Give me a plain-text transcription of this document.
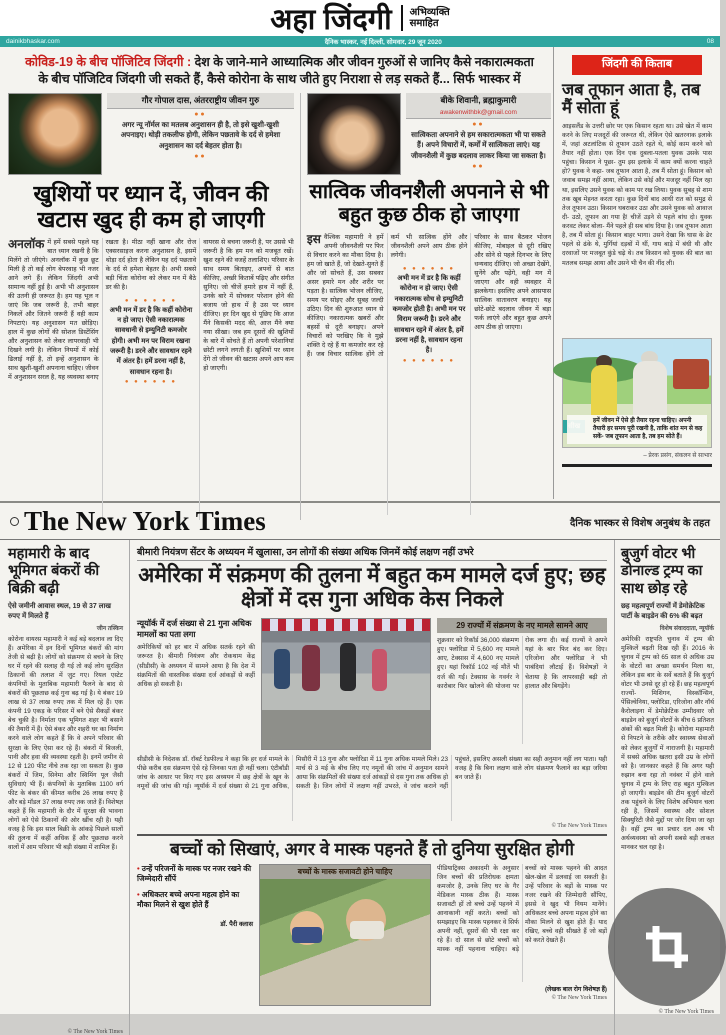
अहा जिंदगी अभिव्यक्ति
समाहित
dainikbhaskar.com	दैनिक भास्कर, नई दिल्ली, सोमवार, 29 जून 2020	08
कोविड-19 के बीच पॉजिटिव जिंदगी : देश के जाने-माने आध्यात्मिक और जीवन गुरुओं से जानिए कैसे नकारात्मकता के बीच पॉजिटिव जिंदगी जी सकते हैं, कैसे कोरोना के साथ जीते हुए निराशा से लड़ सकते हैं... सिर्फ भास्कर में
गौर गोपाल दास, अंतरराष्ट्रीय जीवन गुरु
●●
अगर न्यू नॉर्मल का मतलब अनुशासन ही है, तो इसे खुशी-खुशी अपनाइए। थोड़ी तकलीफ होगी, लेकिन पछतावे के दर्द से हमेशा अनुशासन का दर्द बेहतर होता है।
●●
खुशियों पर ध्यान दें, जीवन की खटास खुद ही कम हो जाएगी
अनलॉक में हमें सबसे पहले यह बात ध्यान रखनी है कि मिलेंगे तो जीएंगे। अनलॉक में कुछ छूट मिली है तो कई लोग बेपरवाह भी नजर आने लगे हैं। लेकिन जिंदगी अभी सामान्य नहीं हुई है। अभी भी अनुशासन की उतनी ही जरूरत है। हम यह भूल न जाएं कि जब जरूरी है, तभी बाहर निकलें और जितने जरूरी हैं वही काम निपटाएं। यह अनुशासन मत छोड़िए। हाल में कुछ लोगों की सोशल डिस्टेंसिंग और अनुशासन को लेकर लापरवाही भी दिखने लगी है। लेकिन नियमों में कोई ढिलाई नहीं है, तो इन्हें अनुशासन के साथ खुशी-खुशी अपनाना चाहिए। जीवन में अनुशासन सरल है, यह व्यवस्था बनाए रखता है। मीठा नहीं खाना और रोज एक्सरसाइज करना अनुशासन है, इसमें थोड़ा दर्द होता है लेकिन यह दर्द पछतावे के दर्द से हमेशा बेहतर है। अभी सबसे बड़ी चिंता कोरोना को लेकर मन में बैठे डर की है।
● ● ● ● ● ●
अभी मन में डर है कि कहीं कोरोना न हो जाए। ऐसी नकारात्मक सावधानी से इम्युनिटी कमजोर होगी। अभी मन पर विराम रखना जरूरी है। डरने और सावधान रहने में अंतर है। हमें डरना नहीं है, सावधान रहना है।
● ● ● ● ● ●
वायरस से बचना जरूरी है, पर उससे भी जरूरी है कि हम मन को मजबूत रखें। खुश रहने की वजहें तलाशिए। परिवार के साथ समय बिताइए, अपनों से बात कीजिए, अच्छी किताबें पढ़िए और संगीत सुनिए। जो चीजें हमारे हाथ में नहीं हैं, उनके बारे में सोचकर परेशान होने की बजाय जो हाथ में है उस पर ध्यान दीजिए। हर दिन खुद से पूछिए कि आज मैंने किसकी मदद की, आज मैंने क्या नया सीखा। जब हम दूसरों की खुशियों के बारे में सोचते हैं तो अपनी परेशानियां छोटी लगने लगती हैं। खुशियों पर ध्यान देंगे तो जीवन की खटास अपने आप कम हो जाएगी।
बीके शिवानी, ब्रह्माकुमारी awakenwithbk@gmail.com
●●
सात्विकता अपनाने से हम सकारात्मकता भी पा सकते हैं। अपने विचारों में, कर्मों में सात्विकता लाएं। यह जीवनशैली में कुछ बदलाव लाकर किया जा सकता है।
●●
सात्विक जीवनशैली अपनाने से भी बहुत कुछ ठीक हो जाएगा
इस वैश्विक महामारी ने हमें अपनी जीवनशैली पर फिर से विचार करने का मौका दिया है। हम जो खाते हैं, जो देखते-सुनते हैं और जो सोचते हैं, उस सबका असर हमारे मन और शरीर पर पड़ता है। सात्विक भोजन लीजिए, समय पर सोइए और सुबह जल्दी उठिए। दिन की शुरुआत ध्यान से कीजिए। नकारात्मक खबरों और बहसों से दूरी बनाइए। अपने विचारों को परखिए कि वे मुझे शक्ति दे रहे हैं या कमजोर कर रहे हैं। जब विचार सात्विक होंगे तो कर्म भी सात्विक होंगे और जीवनशैली अपने आप ठीक होने लगेगी।
● ● ● ● ● ●
अभी मन में डर है कि कहीं कोरोना न हो जाए। ऐसी नकारात्मक सोच से इम्युनिटी कमजोर होती है। अभी मन पर विराम जरूरी है। डरने और सावधान रहने में अंतर है, हमें डरना नहीं है, सावधान रहना है।
● ● ● ● ● ●
परिवार के साथ बैठकर भोजन कीजिए, मोबाइल से दूरी रखिए और सोने से पहले दिनभर के लिए धन्यवाद दीजिए। जो अच्छा देखेंगे, सुनेंगे और पढ़ेंगे, वही मन में जाएगा और वही व्यवहार में झलकेगा। इसलिए अपने आसपास सात्विक वातावरण बनाइए। यह छोटे-छोटे बदलाव जीवन में बड़ा फर्क लाएंगे और बहुत कुछ अपने आप ठीक हो जाएगा।
जिंदगी की किताब
जब तूफान आता है, तब मैं सोता हूं
आइसलैंड के उत्तरी छोर पर एक किसान रहता था। उसे खेत में काम करने के लिए मजदूरों की जरूरत थी, लेकिन ऐसे खतरनाक इलाके में, जहां अटलांटिक से तूफान उठते रहते थे, कोई काम करने को तैयार नहीं होता। एक दिन एक दुबला-पतला युवक उसके पास पहुंचा। किसान ने पूछा- तुम इस इलाके में काम क्यों करना चाहते हो? युवक ने कहा- जब तूफान आता है, तब मैं सोता हूं। किसान को जवाब समझ नहीं आया, लेकिन उसे कोई और मजदूर नहीं मिल रहा था, इसलिए उसने युवक को काम पर रख लिया। युवक सुबह से शाम तक खूब मेहनत करता रहा। कुछ दिनों बाद आधी रात को समुद्र से तेज तूफान उठा। किसान घबराकर उठा और उसने युवक को आवाज दी- उठो, तूफान आ गया है! चीजें उड़ने से पहले बांध दो। युवक करवट लेकर बोला- मैंने पहले ही सब बांध दिया है। जब तूफान आता है, तब मैं सोता हूं। किसान बाहर भागा। उसने देखा कि घास के ढेर पहले से ढंके थे, मुर्गियां दड़बों में थीं, गाय बाड़े में बंधी थी और दरवाजों पर मजबूत कुंडे चढ़े थे। तब किसान को युवक की बात का मतलब समझ आया और उसने भी चैन की नींद ली।
हमें जीवन में ऐसे ही तैयार रहना चाहिए। अपनी तैयारी हर समय पूरी रखनी है, ताकि शांत मन से कह सकें- जब तूफान आता है, तब हम सोते हैं।
– प्रेरक प्रसंग, संकलन से साभार
The New York Times	दैनिक भास्कर से विशेष अनुबंध के तहत
महामारी के बाद भूमिगत बंकरों की बिक्री बढ़ी
ऐसे जमीनी आवास स्थल, 19 से 37 लाख रुपए में मिलते हैं
जीन तस्किन
कोरोना वायरस महामारी ने कई बड़े बदलाव ला दिए हैं। अमेरिका में इन दिनों भूमिगत बंकरों की मांग तेजी से बढ़ी है। लोगों को संक्रमण से बचने के लिए घर में रहने की सलाह दी गई तो कई लोग सुरक्षित ठिकानों की तलाश में जुट गए। रियल एस्टेट कंपनियों के मुताबिक महामारी फैलने के बाद से बंकरों की पूछताछ कई गुना बढ़ गई है। ये बंकर 19 लाख से 37 लाख रुपए तक में मिल रहे हैं। एक कंपनी 19 एकड़ के परिसर में बने ऐसे सैकड़ों बंकर बेच चुकी है। निर्माता एक भूमिगत शहर भी बसाने की तैयारी में हैं। ऐसे बंकर और शहरी घर का निर्माण करने वाले लोग कहते हैं कि वे अपने परिवार की सुरक्षा के लिए ऐसा कर रहे हैं। बंकरों में बिजली, पानी और हवा की व्यवस्था रहती है। इनमें जमीन से 12 से 120 फीट नीचे तक रहा जा सकता है। कुछ बंकरों में जिम, सिनेमा और स्विमिंग पूल जैसी सुविधाएं भी हैं। कंपनियों के मुताबिक 1100 वर्ग फीट के बंकर की कीमत करीब 26 लाख रुपए है और बड़े मॉडल 37 लाख रुपए तक जाते हैं। विशेषज्ञ कहते हैं कि महामारी के दौर में सुरक्षा की भावना लोगों को ऐसे ठिकानों की ओर खींच रही है। यही वजह है कि इस साल बिक्री के आंकड़े पिछले सालों की तुलना में कहीं अधिक हैं और पूछताछ करने वालों में आम परिवार भी बड़ी संख्या में शामिल हैं।
© The New York Times
बीमारी नियंत्रण सेंटर के अध्ययन में खुलासा, उन लोगों की संख्या अधिक जिनमें कोई लक्षण नहीं उभरे
अमेरिका में संक्रमण की तुलना में बहुत कम मामले दर्ज हुए; छह क्षेत्रों में दस गुना अधिक केस निकले
न्यूयॉर्क में दर्ज संख्या से 21 गुना अधिक मामलों का पता लगा
अमेरिकियों को हर बार में अधिक सतर्क रहने की जरूरत है। बीमारी नियंत्रण और रोकथाम केंद्र (सीडीसी) के अध्ययन में सामने आया है कि देश में संक्रमितों की वास्तविक संख्या दर्ज आंकड़ों से कहीं अधिक हो सकती है।
29 राज्यों में संक्रमण के नए मामले सामने आए
शुक्रवार को रिकॉर्ड 36,000 संक्रमण हुए। फ्लोरिडा में 5,600 नए मामले आए, टेक्सास में 4,600 नए मामले हुए। यहां रिकॉर्ड 102 नई मौतें भी दर्ज की गईं। टेक्सास के गवर्नर ने कारोबार फिर खोलने की योजना पर रोक लगा दी। कई राज्यों ने अपने यहां के बार फिर बंद कर दिए। एरिजोना और फ्लोरिडा ने भी पाबंदियां लौटाई हैं। विशेषज्ञों ने चेताया है कि लापरवाही बढ़ी तो हालात और बिगड़ेंगे।
सीडीसी के निदेशक डॉ. रॉबर्ट रेडफील्ड ने कहा कि हर दर्ज मामले के पीछे करीब दस संक्रमण ऐसे रहे जिनका पता ही नहीं चला। एंटीबॉडी जांच के आधार पर किए गए इस अध्ययन में छह क्षेत्रों के खून के नमूनों की जांच की गई। न्यूयॉर्क में दर्ज संख्या से 21 गुना अधिक, मिसौरी में 13 गुना और फ्लोरिडा में 11 गुना अधिक मामले मिले। 23 मार्च से 3 मई के बीच लिए गए नमूनों की जांच में अनुमान सामने आया कि संक्रमितों की संख्या दर्ज आंकड़ों से दस गुना तक अधिक हो सकती है। जिन लोगों में लक्षण नहीं उभरते, वे जांच कराने नहीं पहुंचते, इसलिए असली संख्या का सही अनुमान नहीं लग पाता। यही वजह है कि बिना लक्षण वाले लोग संक्रमण फैलाने का बड़ा जरिया बन जाते हैं।
© The New York Times
बच्चों को सिखाएं, अगर वे मास्क पहनते हैं तो दुनिया सुरक्षित होगी
• उन्हें परिजनों के मास्क पर नजर रखने की जिम्मेदारी सौंपें
• अधिकतर बच्चे अपना महत्व होने का मौका मिलने से खुश होते हैं
डॉ. पैरी क्लास
बच्चों के मास्क सजावटी होने चाहिए	पीडियाट्रिक्स अकादमी के अनुसार जिन बच्चों की प्रतिरोधक क्षमता कमजोर है, उनके लिए घर के गैर मेडिकल मास्क ठीक हैं। मास्क सजावटी हों तो बच्चे उन्हें पहनने में आनाकानी नहीं करते। बच्चों को समझाइए कि मास्क पहनकर वे सिर्फ अपनी नहीं, दूसरों की भी रक्षा कर रहे हैं। दो साल से छोटे बच्चों को मास्क नहीं पहनाना चाहिए। बड़े बच्चों को मास्क पहनने की आदत खेल-खेल में डलवाई जा सकती है। उन्हें परिवार के बड़ों के मास्क पर नजर रखने की जिम्मेदारी सौंपिए, इससे वे खुद भी नियम मानेंगे। अधिकतर बच्चे अपना महत्व होने का मौका मिलने से खुश होते हैं। याद रखिए, बच्चे वही सीखते हैं जो बड़ों को करते देखते हैं।
(लेखक बाल रोग विशेषज्ञ हैं)
© The New York Times
बुजुर्ग वोटर भी डोनाल्ड ट्रम्प का साथ छोड़ रहे
छह महत्वपूर्ण राज्यों में डेमोक्रेटिक पार्टी के बाइडेन की 6% की बढ़त
विशेष संवाददाता, न्यूयॉर्क
अमेरिकी राष्ट्रपति चुनाव में ट्रम्प की मुश्किलें बढ़ती दिख रही हैं। 2016 के चुनाव में ट्रम्प को 65 साल से अधिक उम्र के वोटरों का अच्छा समर्थन मिला था, लेकिन इस बार के सर्वे बताते हैं कि बुजुर्ग वोटर भी उनसे दूर हो रहे हैं। छह महत्वपूर्ण राज्यों- मिशिगन, विस्कॉन्सिन, पेंसिल्वेनिया, फ्लोरिडा, एरिजोना और नॉर्थ कैरोलाइना में डेमोक्रेटिक उम्मीदवार जो बाइडेन को बुजुर्ग वोटरों के बीच 6 प्रतिशत अंकों की बढ़त मिली है। कोरोना महामारी से निपटने के तरीके और स्वास्थ्य सेवाओं को लेकर बुजुर्गों में नाराजगी है। महामारी में सबसे अधिक खतरा इसी उम्र के लोगों को है। जानकार कहते हैं कि अगर यही रुझान बना रहा तो नवंबर में होने वाले चुनाव में ट्रम्प के लिए राह बहुत मुश्किल हो जाएगी। बाइडेन की टीम बुजुर्ग वोटरों तक पहुंचने के लिए विशेष अभियान चला रही है, जिसमें स्वास्थ्य और सोशल सिक्युरिटी जैसे मुद्दों पर जोर दिया जा रहा है। वहीं ट्रम्प का प्रचार दल अब भी अर्थव्यवस्था को अपनी सबसे बड़ी ताकत मानकर चल रहा है।
© The New York Times
